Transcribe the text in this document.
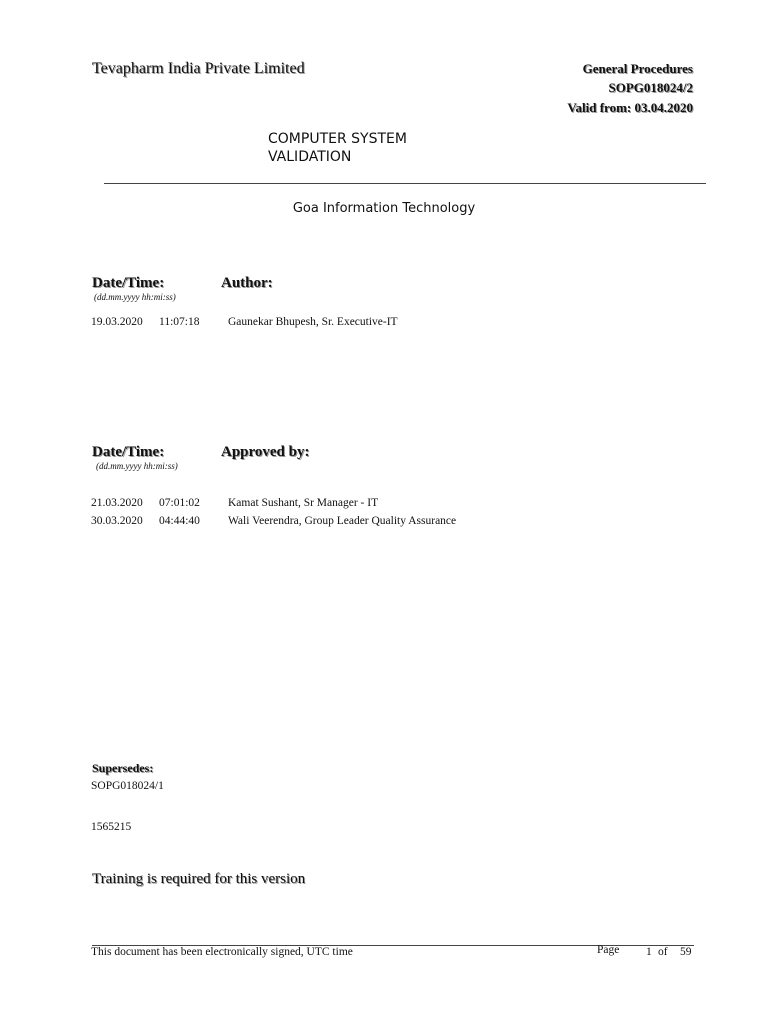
Tevapharm India Private Limited	General Procedures
SOPG018024/2
Valid from: 03.04.2020
COMPUTER SYSTEM
VALIDATION
Goa Information Technology
Date/Time:
(dd.mm.yyyy hh:mi:ss)
Author:
19.03.2020 11:07:18 Gaunekar Bhupesh, Sr. Executive-IT
Date/Time:
(dd.mm.yyyy hh:mi:ss)
Approved by:
21.03.2020 07:01:02 Kamat Sushant, Sr Manager - IT
30.03.2020 04:44:40 Wali Veerendra, Group Leader Quality Assurance
Supersedes:
SOPG018024/1
1565215
Training is required for this version
This document has been electronically signed, UTC time	Page 1 of 59
